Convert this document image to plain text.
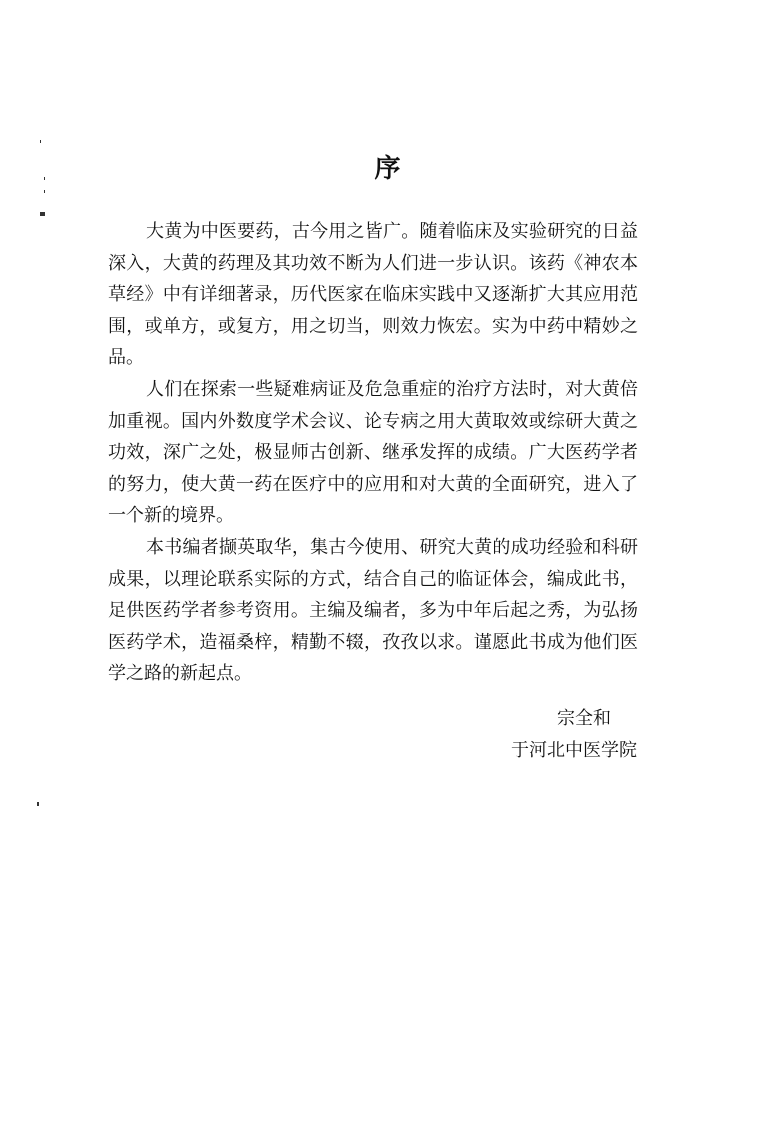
序

大黄为中医要药，古今用之皆广。随着临床及实验研究的日益深入，大黄的药理及其功效不断为人们进一步认识。该药《神农本草经》中有详细著录，历代医家在临床实践中又逐渐扩大其应用范围，或单方，或复方，用之切当，则效力恢宏。实为中药中精妙之品。

人们在探索一些疑难病证及危急重症的治疗方法时，对大黄倍加重视。国内外数度学术会议、论专病之用大黄取效或综研大黄之功效，深广之处，极显师古创新、继承发挥的成绩。广大医药学者的努力，使大黄一药在医疗中的应用和对大黄的全面研究，进入了一个新的境界。

本书编者撷英取华，集古今使用、研究大黄的成功经验和科研成果，以理论联系实际的方式，结合自己的临证体会，编成此书，足供医药学者参考资用。主编及编者，多为中年后起之秀，为弘扬医药学术，造福桑梓，精勤不辍，孜孜以求。谨愿此书成为他们医学之路的新起点。

宗全和
于河北中医学院
